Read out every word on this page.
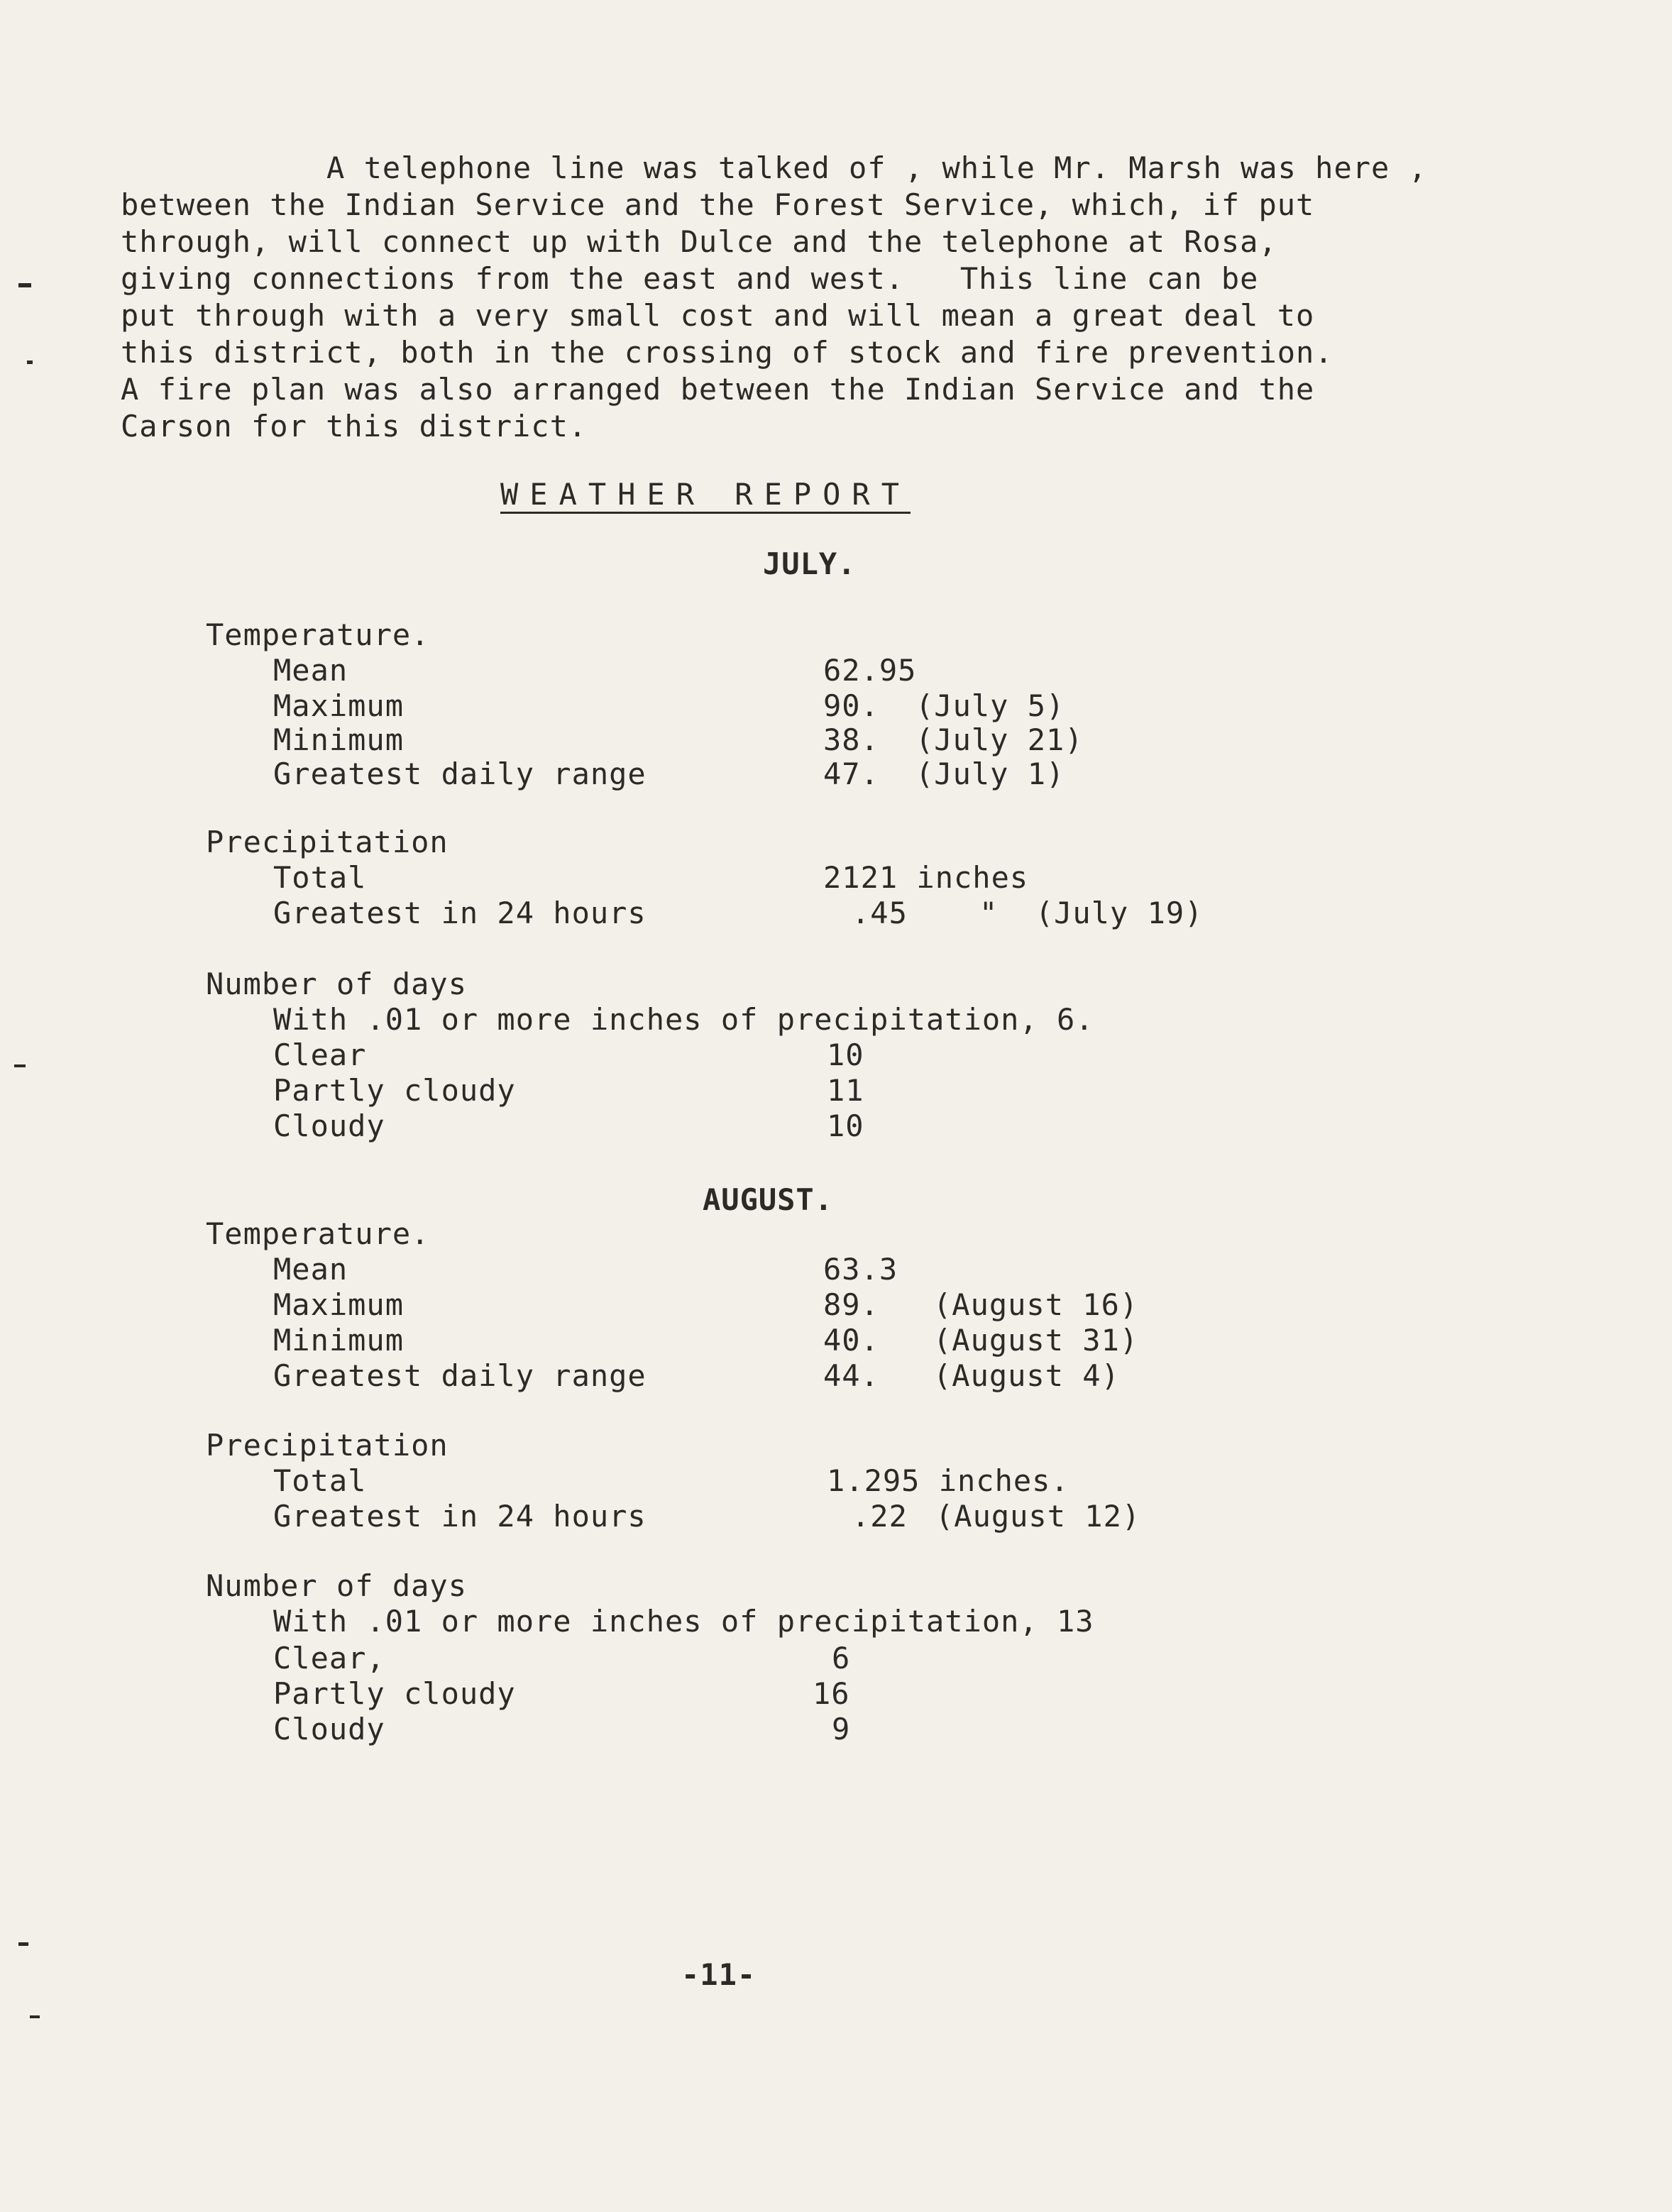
A telephone line was talked of , while Mr. Marsh was here ,
between the Indian Service and the Forest Service, which, if put
through, will connect up with Dulce and the telephone at Rosa,
giving connections from the east and west.   This line can be
put through with a very small cost and will mean a great deal to
this district, both in the crossing of stock and fire prevention.
A fire plan was also arranged between the Indian Service and the
Carson for this district.
WEATHER REPORT
JULY.
Temperature.
Mean	62.95
Maximum	90. (July 5)
Minimum	38. (July 21)
Greatest daily range	47. (July 1)
Precipitation
Total	2121 inches
Greatest in 24 hours	.45 "  (July 19)
Number of days
With .01 or more inches of precipitation, 6.
Clear	10
Partly cloudy	11
Cloudy	10
AUGUST.
Temperature.
Mean	63.3
Maximum	89. (August 16)
Minimum	40. (August 31)
Greatest daily range	44. (August 4)
Precipitation
Total	1.295 inches.
Greatest in 24 hours	.22 (August 12)
Number of days
With .01 or more inches of precipitation, 13
Clear,	6
Partly cloudy	16
Cloudy	9
-11-
